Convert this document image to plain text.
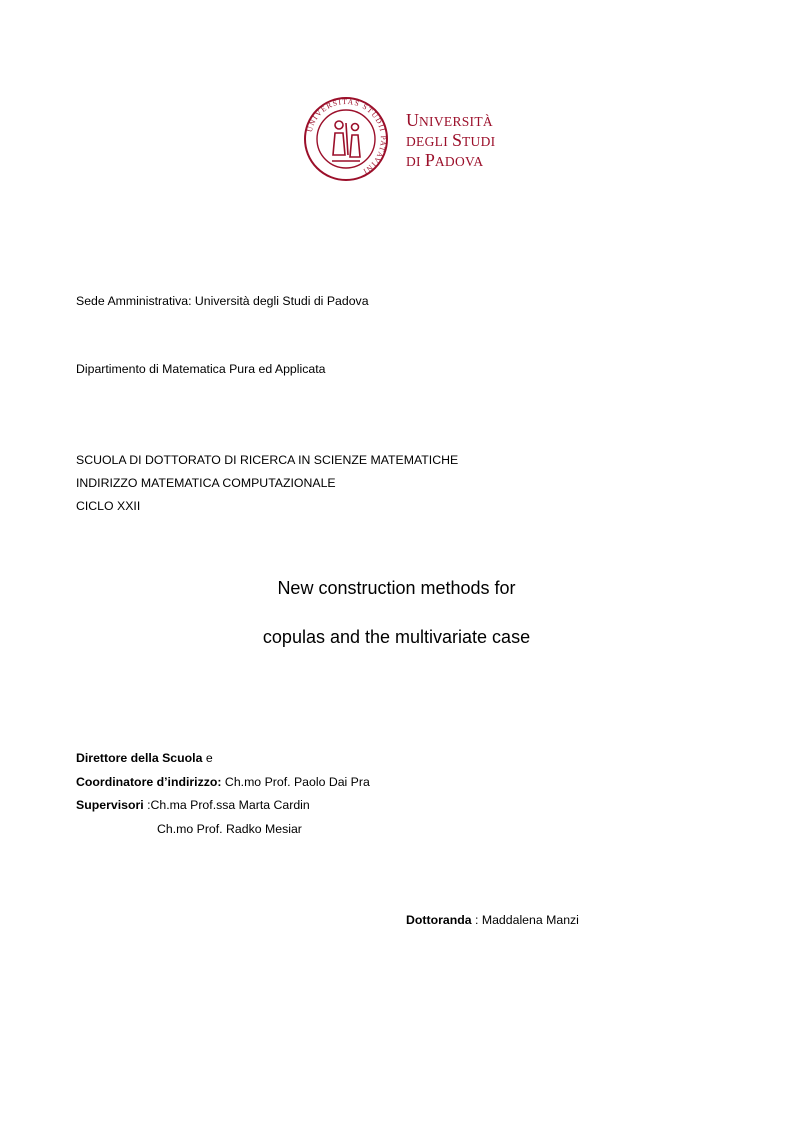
UNIVERSITAS STUDII PATAVINI
UNIVERSITÀ
DEGLI STUDI
DI PADOVA
Sede Amministrativa: Università degli Studi di Padova
Dipartimento di Matematica Pura ed Applicata
SCUOLA DI DOTTORATO DI RICERCA IN SCIENZE MATEMATICHE
INDIRIZZO MATEMATICA COMPUTAZIONALE
CICLO XXII
New construction methods for
copulas and the multivariate case
Direttore della Scuola e
Coordinatore d’indirizzo: Ch.mo Prof. Paolo Dai Pra
Supervisori :Ch.ma Prof.ssa Marta Cardin
Ch.mo Prof. Radko Mesiar
Dottoranda : Maddalena Manzi
